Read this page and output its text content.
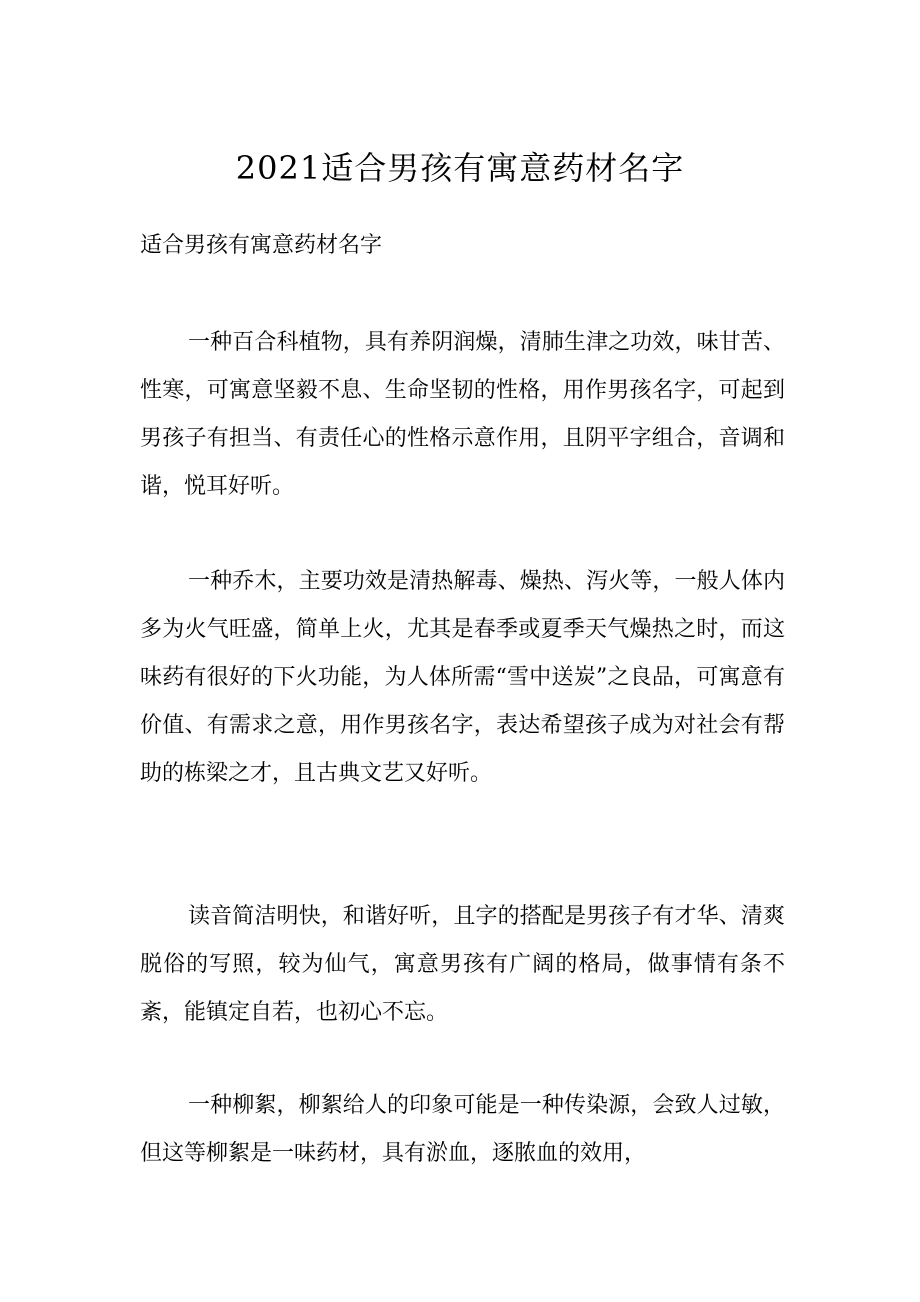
2021适合男孩有寓意药材名字

适合男孩有寓意药材名字

一种百合科植物，具有养阴润燥，清肺生津之功效，味甘苦、性寒，可寓意坚毅不息、生命坚韧的性格，用作男孩名字，可起到男孩子有担当、有责任心的性格示意作用，且阴平字组合，音调和谐，悦耳好听。

一种乔木，主要功效是清热解毒、燥热、泻火等，一般人体内多为火气旺盛，简单上火，尤其是春季或夏季天气燥热之时，而这味药有很好的下火功能，为人体所需“雪中送炭”之良品，可寓意有价值、有需求之意，用作男孩名字，表达希望孩子成为对社会有帮助的栋梁之才，且古典文艺又好听。

读音简洁明快，和谐好听，且字的搭配是男孩子有才华、清爽脱俗的写照，较为仙气，寓意男孩有广阔的格局，做事情有条不紊，能镇定自若，也初心不忘。

一种柳絮，柳絮给人的印象可能是一种传染源，会致人过敏，但这等柳絮是一味药材，具有淤血，逐脓血的效用，
